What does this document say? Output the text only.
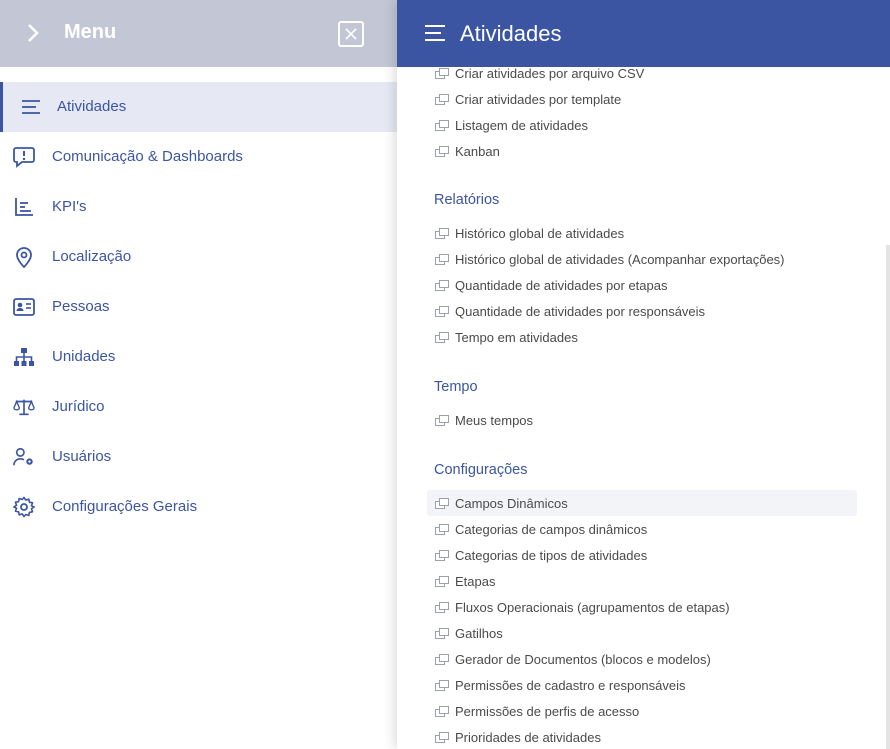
Menu
Atividades
Comunicação & Dashboards
KPI's
Localização
Pessoas
Unidades
Jurídico
Usuários
Configurações Gerais
Atividades
Criar atividades por arquivo CSV
Criar atividades por template
Listagem de atividades
Kanban
Relatórios
Histórico global de atividades
Histórico global de atividades (Acompanhar exportações)
Quantidade de atividades por etapas
Quantidade de atividades por responsáveis
Tempo em atividades
Tempo
Meus tempos
Configurações
Campos Dinâmicos
Categorias de campos dinâmicos
Categorias de tipos de atividades
Etapas
Fluxos Operacionais (agrupamentos de etapas)
Gatilhos
Gerador de Documentos (blocos e modelos)
Permissões de cadastro e responsáveis
Permissões de perfis de acesso
Prioridades de atividades
